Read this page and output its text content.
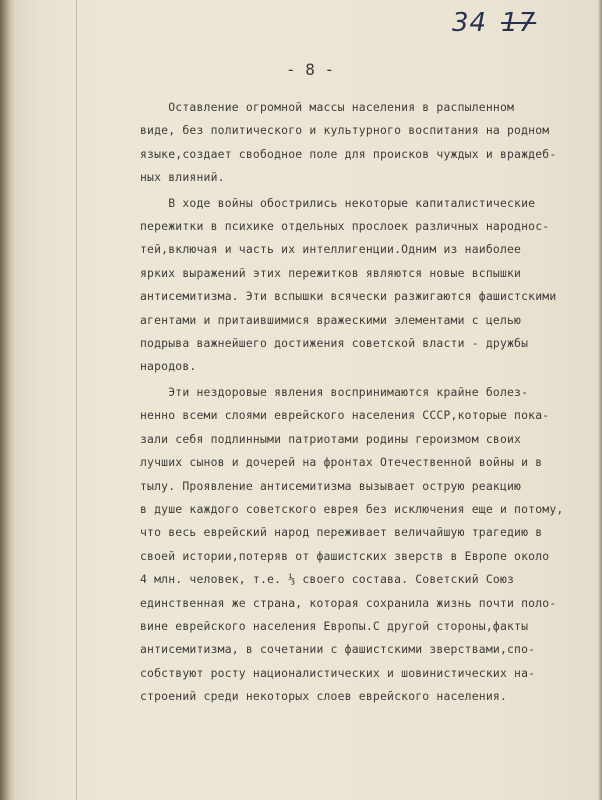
34 17
- 8 -

Оставление огромной массы населения в распыленном

виде, без политического и культурного воспитания на родном

языке,создает свободное поле для происков чуждых и враждеб-

ных влияний.

В ходе войны обострились некоторые капиталистические

пережитки в психике отдельных прослоек различных народнос-

тей,включая и часть их интеллигенции.Одним из наиболее

ярких выражений этих пережитков являются новые вспышки

антисемитизма. Эти вспышки всячески разжигаются фашистскими

агентами и притаившимися вражескими элементами с целью

подрыва важнейшего достижения советской власти - дружбы

народов.

Эти нездоровые явления воспринимаются крайне болез-

ненно всеми слоями еврейского населения СССР,которые пока-

зали себя подлинными патриотами родины героизмом своих

лучших сынов и дочерей на фронтах Отечественной войны и в

тылу. Проявление антисемитизма вызывает острую реакцию

в душе каждого советского еврея без исключения еще и потому,

что весь еврейский народ переживает величайшую трагедию в

своей истории,потеряв от фашистских зверств в Европе около

4 млн. человек, т.е. ⅓ своего состава. Советский Союз

единственная же страна, которая сохранила жизнь почти поло-

вине еврейского населения Европы.С другой стороны,факты

антисемитизма, в сочетании с фашистскими зверствами,спо-

собствуют росту националистических и шовинистических на-

строений среди некоторых слоев еврейского населения.
